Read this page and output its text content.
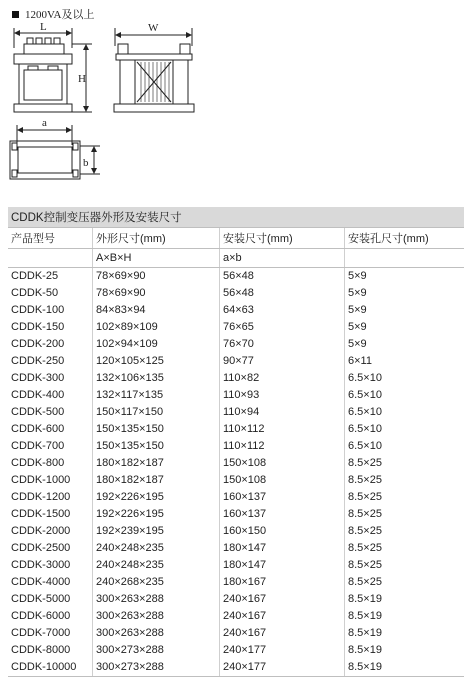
1200VA及以上
L
H
W
a
b
CDDK控制变压器外形及安装尺寸			
产品型号	外形尺寸(mm)	安装尺寸(mm)	安装孔尺寸(mm)
	A×B×H	a×b	
CDDK-25	78×69×90	56×48	5×9
CDDK-50	78×69×90	56×48	5×9
CDDK-100	84×83×94	64×63	5×9
CDDK-150	102×89×109	76×65	5×9
CDDK-200	102×94×109	76×70	5×9
CDDK-250	120×105×125	90×77	6×11
CDDK-300	132×106×135	110×82	6.5×10
CDDK-400	132×117×135	110×93	6.5×10
CDDK-500	150×117×150	110×94	6.5×10
CDDK-600	150×135×150	110×112	6.5×10
CDDK-700	150×135×150	110×112	6.5×10
CDDK-800	180×182×187	150×108	8.5×25
CDDK-1000	180×182×187	150×108	8.5×25
CDDK-1200	192×226×195	160×137	8.5×25
CDDK-1500	192×226×195	160×137	8.5×25
CDDK-2000	192×239×195	160×150	8.5×25
CDDK-2500	240×248×235	180×147	8.5×25
CDDK-3000	240×248×235	180×147	8.5×25
CDDK-4000	240×268×235	180×167	8.5×25
CDDK-5000	300×263×288	240×167	8.5×19
CDDK-6000	300×263×288	240×167	8.5×19
CDDK-7000	300×263×288	240×167	8.5×19
CDDK-8000	300×273×288	240×177	8.5×19
CDDK-10000	300×273×288	240×177	8.5×19
